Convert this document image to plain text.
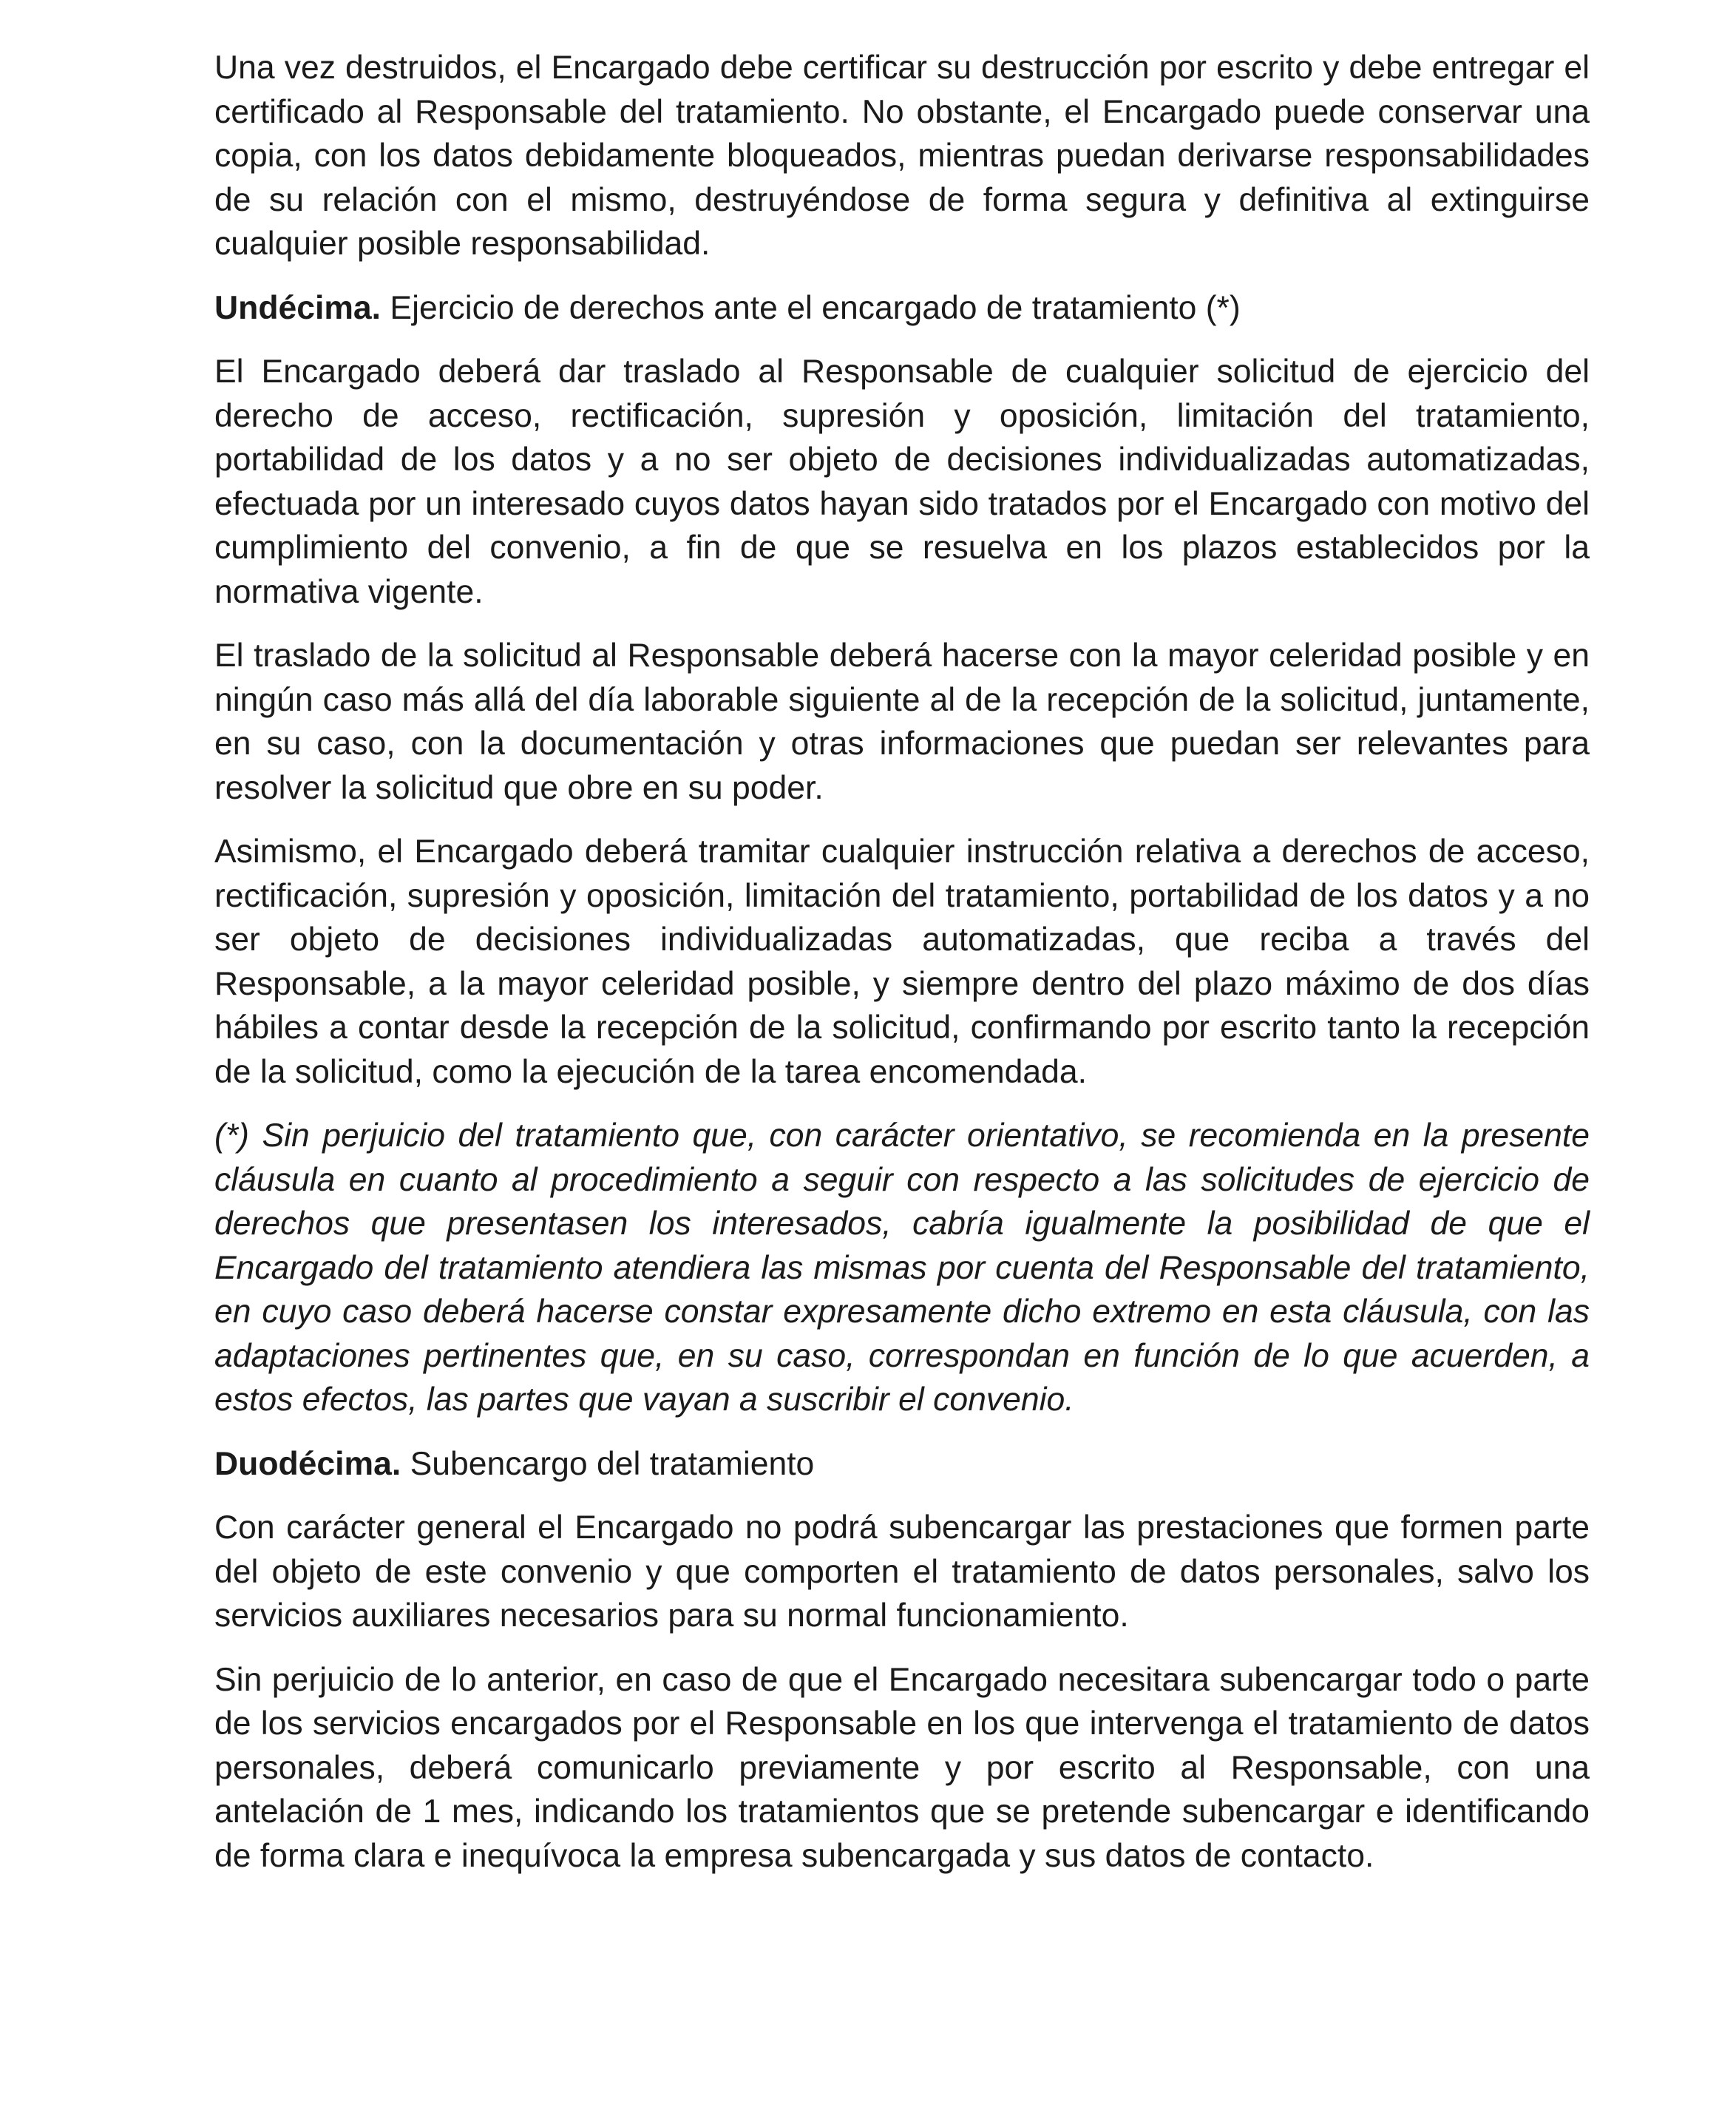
Una vez destruidos, el Encargado debe certificar su destrucción por escrito y debe entregar el certificado al Responsable del tratamiento. No obstante, el Encargado puede conservar una copia, con los datos debidamente bloqueados, mientras puedan derivarse responsabilidades de su relación con el mismo, destruyéndose de forma segura y definitiva al extinguirse cualquier posible responsabilidad.

Undécima. Ejercicio de derechos ante el encargado de tratamiento (*)

El Encargado deberá dar traslado al Responsable de cualquier solicitud de ejercicio del derecho de acceso, rectificación, supresión y oposición, limitación del tratamiento, portabilidad de los datos y a no ser objeto de decisiones individualizadas automatizadas, efectuada por un interesado cuyos datos hayan sido tratados por el Encargado con motivo del cumplimiento del convenio, a fin de que se resuelva en los plazos establecidos por la normativa vigente.

El traslado de la solicitud al Responsable deberá hacerse con la mayor celeridad posible y en ningún caso más allá del día laborable siguiente al de la recepción de la solicitud, juntamente, en su caso, con la documentación y otras informaciones que puedan ser relevantes para resolver la solicitud que obre en su poder.

Asimismo, el Encargado deberá tramitar cualquier instrucción relativa a derechos de acceso, rectificación, supresión y oposición, limitación del tratamiento, portabilidad de los datos y a no ser objeto de decisiones individualizadas automatizadas, que reciba a través del Responsable, a la mayor celeridad posible, y siempre dentro del plazo máximo de dos días hábiles a contar desde la recepción de la solicitud, confirmando por escrito tanto la recepción de la solicitud, como la ejecución de la tarea encomendada.

(*) Sin perjuicio del tratamiento que, con carácter orientativo, se recomienda en la presente cláusula en cuanto al procedimiento a seguir con respecto a las solicitudes de ejercicio de derechos que presentasen los interesados, cabría igualmente la posibilidad de que el Encargado del tratamiento atendiera las mismas por cuenta del Responsable del tratamiento, en cuyo caso deberá hacerse constar expresamente dicho extremo en esta cláusula, con las adaptaciones pertinentes que, en su caso, correspondan en función de lo que acuerden, a estos efectos, las partes que vayan a suscribir el convenio.

Duodécima. Subencargo del tratamiento

Con carácter general el Encargado no podrá subencargar las prestaciones que formen parte del objeto de este convenio y que comporten el tratamiento de datos personales, salvo los servicios auxiliares necesarios para su normal funcionamiento.

Sin perjuicio de lo anterior, en caso de que el Encargado necesitara subencargar todo o parte de los servicios encargados por el Responsable en los que intervenga el tratamiento de datos personales, deberá comunicarlo previamente y por escrito al Responsable, con una antelación de 1 mes, indicando los tratamientos que se pretende subencargar e identificando de forma clara e inequívoca la empresa subencargada y sus datos de contacto.
